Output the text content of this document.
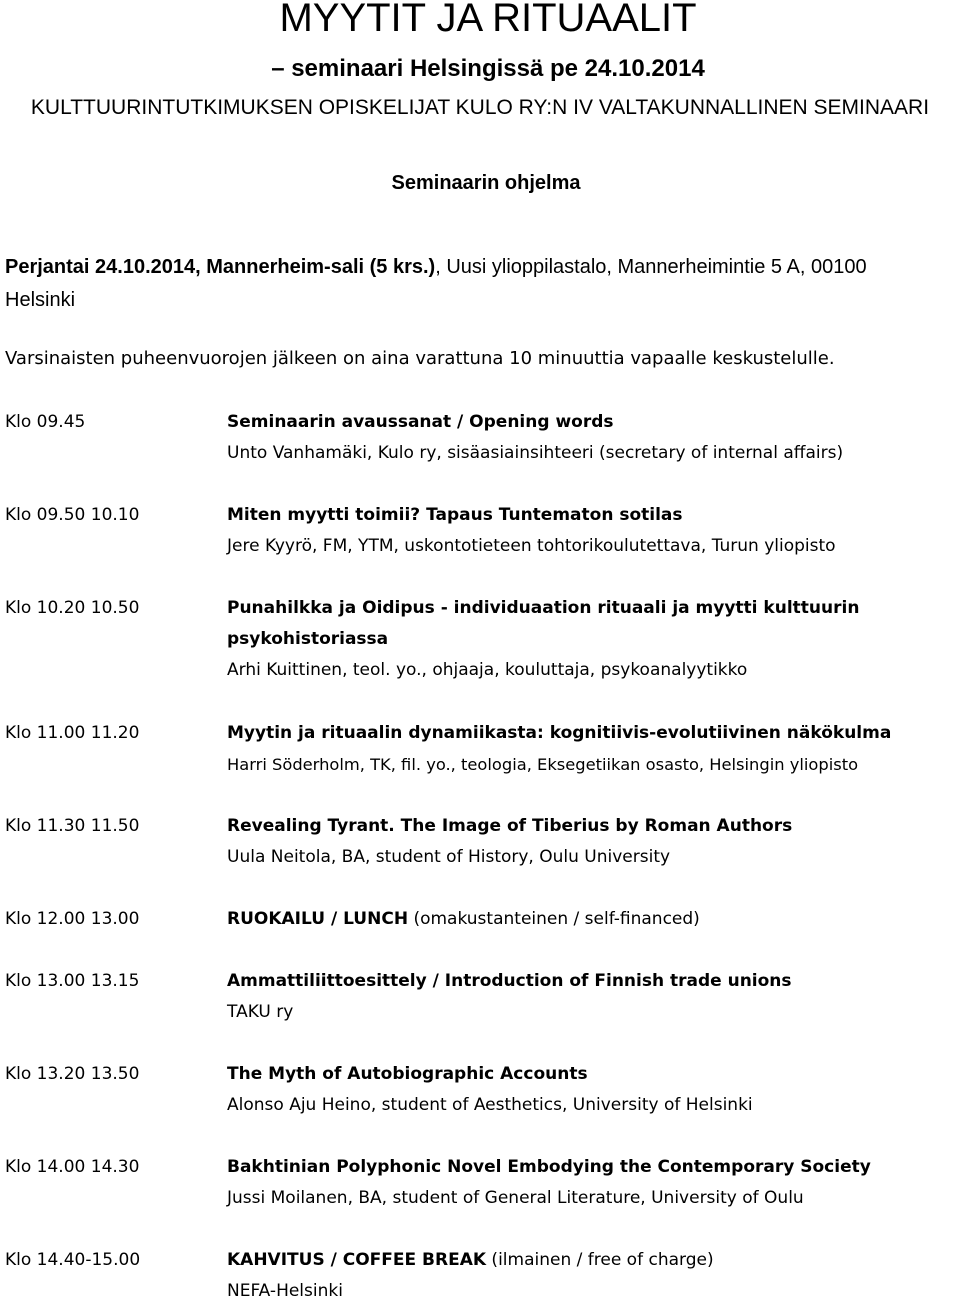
MYYTIT JA RITUAALIT
– seminaari Helsingissä pe 24.10.2014
KULTTUURINTUTKIMUKSEN OPISKELIJAT KULO RY:N IV VALTAKUNNALLINEN SEMINAARI
Seminaarin ohjelma
Perjantai 24.10.2014, Mannerheim-sali (5 krs.), Uusi ylioppilastalo, Mannerheimintie 5 A, 00100
Helsinki
Varsinaisten puheenvuorojen jälkeen on aina varattuna 10 minuuttia vapaalle keskustelulle.
Klo 09.45	Seminaarin avaussanat / Opening words
Unto Vanhamäki, Kulo ry, sisäasiainsihteeri (secretary of internal affairs)
Klo 09.50 10.10	Miten myytti toimii? Tapaus Tuntematon sotilas
Jere Kyyrö, FM, YTM, uskontotieteen tohtorikoulutettava, Turun yliopisto
Klo 10.20 10.50	Punahilkka ja Oidipus - individuaation rituaali ja myytti kulttuurin
psykohistoriassa
Arhi Kuittinen, teol. yo., ohjaaja, kouluttaja, psykoanalyytikko
Klo 11.00 11.20	Myytin ja rituaalin dynamiikasta: kognitiivis-evolutiivinen näkökulma
Harri Söderholm, TK, fil. yo., teologia, Eksegetiikan osasto, Helsingin yliopisto
Klo 11.30 11.50	Revealing Tyrant. The Image of Tiberius by Roman Authors
Uula Neitola, BA, student of History, Oulu University
Klo 12.00 13.00	RUOKAILU / LUNCH (omakustanteinen / self-financed)
Klo 13.00 13.15	Ammattiliittoesittely / Introduction of Finnish trade unions
TAKU ry
Klo 13.20 13.50	The Myth of Autobiographic Accounts
Alonso Aju Heino, student of Aesthetics, University of Helsinki
Klo 14.00 14.30	Bakhtinian Polyphonic Novel Embodying the Contemporary Society
Jussi Moilanen, BA, student of General Literature, University of Oulu
Klo 14.40-15.00	KAHVITUS / COFFEE BREAK (ilmainen / free of charge)
NEFA-Helsinki
